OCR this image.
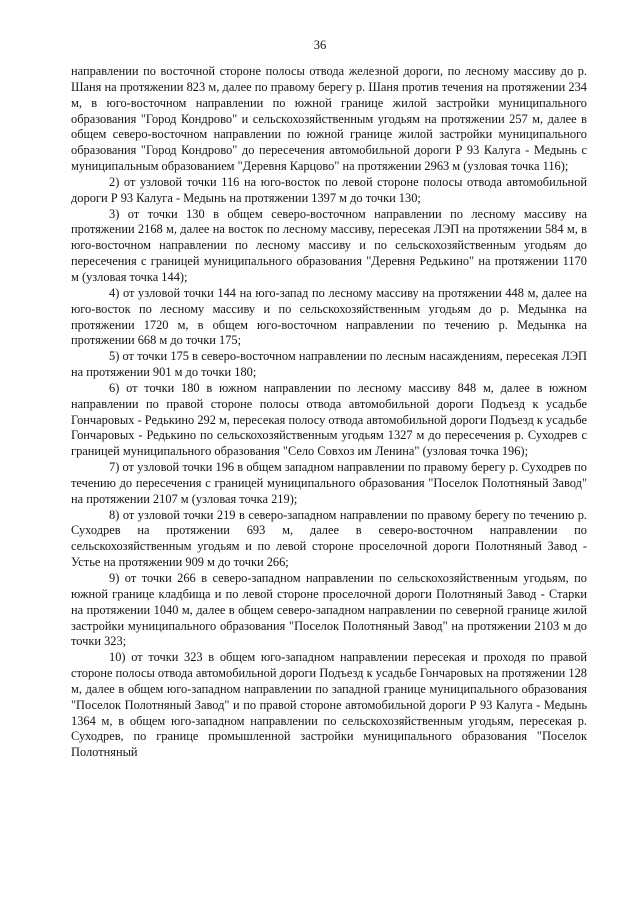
36

направлении по восточной стороне полосы отвода железной дороги, по лесному массиву до р. Шаня на протяжении 823 м, далее по правому берегу р. Шаня против течения на протяжении 234 м, в юго-восточном направлении по южной границе жилой застройки муниципального образования "Город Кондрово" и сельскохозяйственным угодьям на протяжении 257 м, далее в общем северо-восточном направлении по южной границе жилой застройки муниципального образования "Город Кондрово" до пересечения автомобильной дороги Р 93 Калуга - Медынь с муниципальным образованием "Деревня Карцово" на протяжении 2963 м (узловая точка 116);

2) от узловой точки 116 на юго-восток по левой стороне полосы отвода автомобильной дороги Р 93 Калуга - Медынь на протяжении 1397 м до точки 130;

3) от точки 130 в общем северо-восточном направлении по лесному массиву на протяжении 2168 м, далее на восток по лесному массиву, пересекая ЛЭП на протяжении 584 м, в юго-восточном направлении по лесному массиву и по сельскохозяйственным угодьям до пересечения с границей муниципального образования "Деревня Редькино" на протяжении 1170 м (узловая точка 144);

4) от узловой точки 144 на юго-запад по лесному массиву на протяжении 448 м, далее на юго-восток по лесному массиву и по сельскохозяйственным угодьям до р. Медынка на протяжении 1720 м, в общем юго-восточном направлении по течению р. Медынка на протяжении 668 м до точки 175;

5) от точки 175 в северо-восточном направлении по лесным насаждениям, пересекая ЛЭП на протяжении 901 м до точки 180;

6) от точки 180 в южном направлении по лесному массиву 848 м, далее в южном направлении по правой стороне полосы отвода автомобильной дороги Подъезд к усадьбе Гончаровых - Редькино 292 м, пересекая полосу отвода автомобильной дороги Подъезд к усадьбе Гончаровых - Редькино по сельскохозяйственным угодьям 1327 м до пересечения р. Суходрев с границей муниципального образования "Село Совхоз им Ленина" (узловая точка 196);

7) от узловой точки 196 в общем западном направлении по правому берегу р. Суходрев по течению до пересечения с границей муниципального образования "Поселок Полотняный Завод" на протяжении 2107 м (узловая точка 219);

8) от узловой точки 219 в северо-западном направлении по правому берегу по течению р. Суходрев на протяжении 693 м, далее в северо-восточном направлении по сельскохозяйственным угодьям и по левой стороне проселочной дороги Полотняный Завод - Устье на протяжении 909 м до точки 266;

9) от точки 266 в северо-западном направлении по сельскохозяйственным угодьям, по южной границе кладбища и по левой стороне проселочной дороги Полотняный Завод - Старки на протяжении 1040 м, далее в общем северо-западном направлении по северной границе жилой застройки муниципального образования "Поселок Полотняный Завод" на протяжении 2103 м до точки 323;

10) от точки 323 в общем юго-западном направлении пересекая и проходя по правой стороне полосы отвода автомобильной дороги Подъезд к усадьбе Гончаровых на протяжении 128 м, далее в общем юго-западном направлении по западной границе муниципального образования "Поселок Полотняный Завод" и по правой стороне автомобильной дороги Р 93 Калуга - Медынь 1364 м, в общем юго-западном направлении по сельскохозяйственным угодьям, пересекая р. Суходрев, по границе промышленной застройки муниципального образования "Поселок Полотняный
